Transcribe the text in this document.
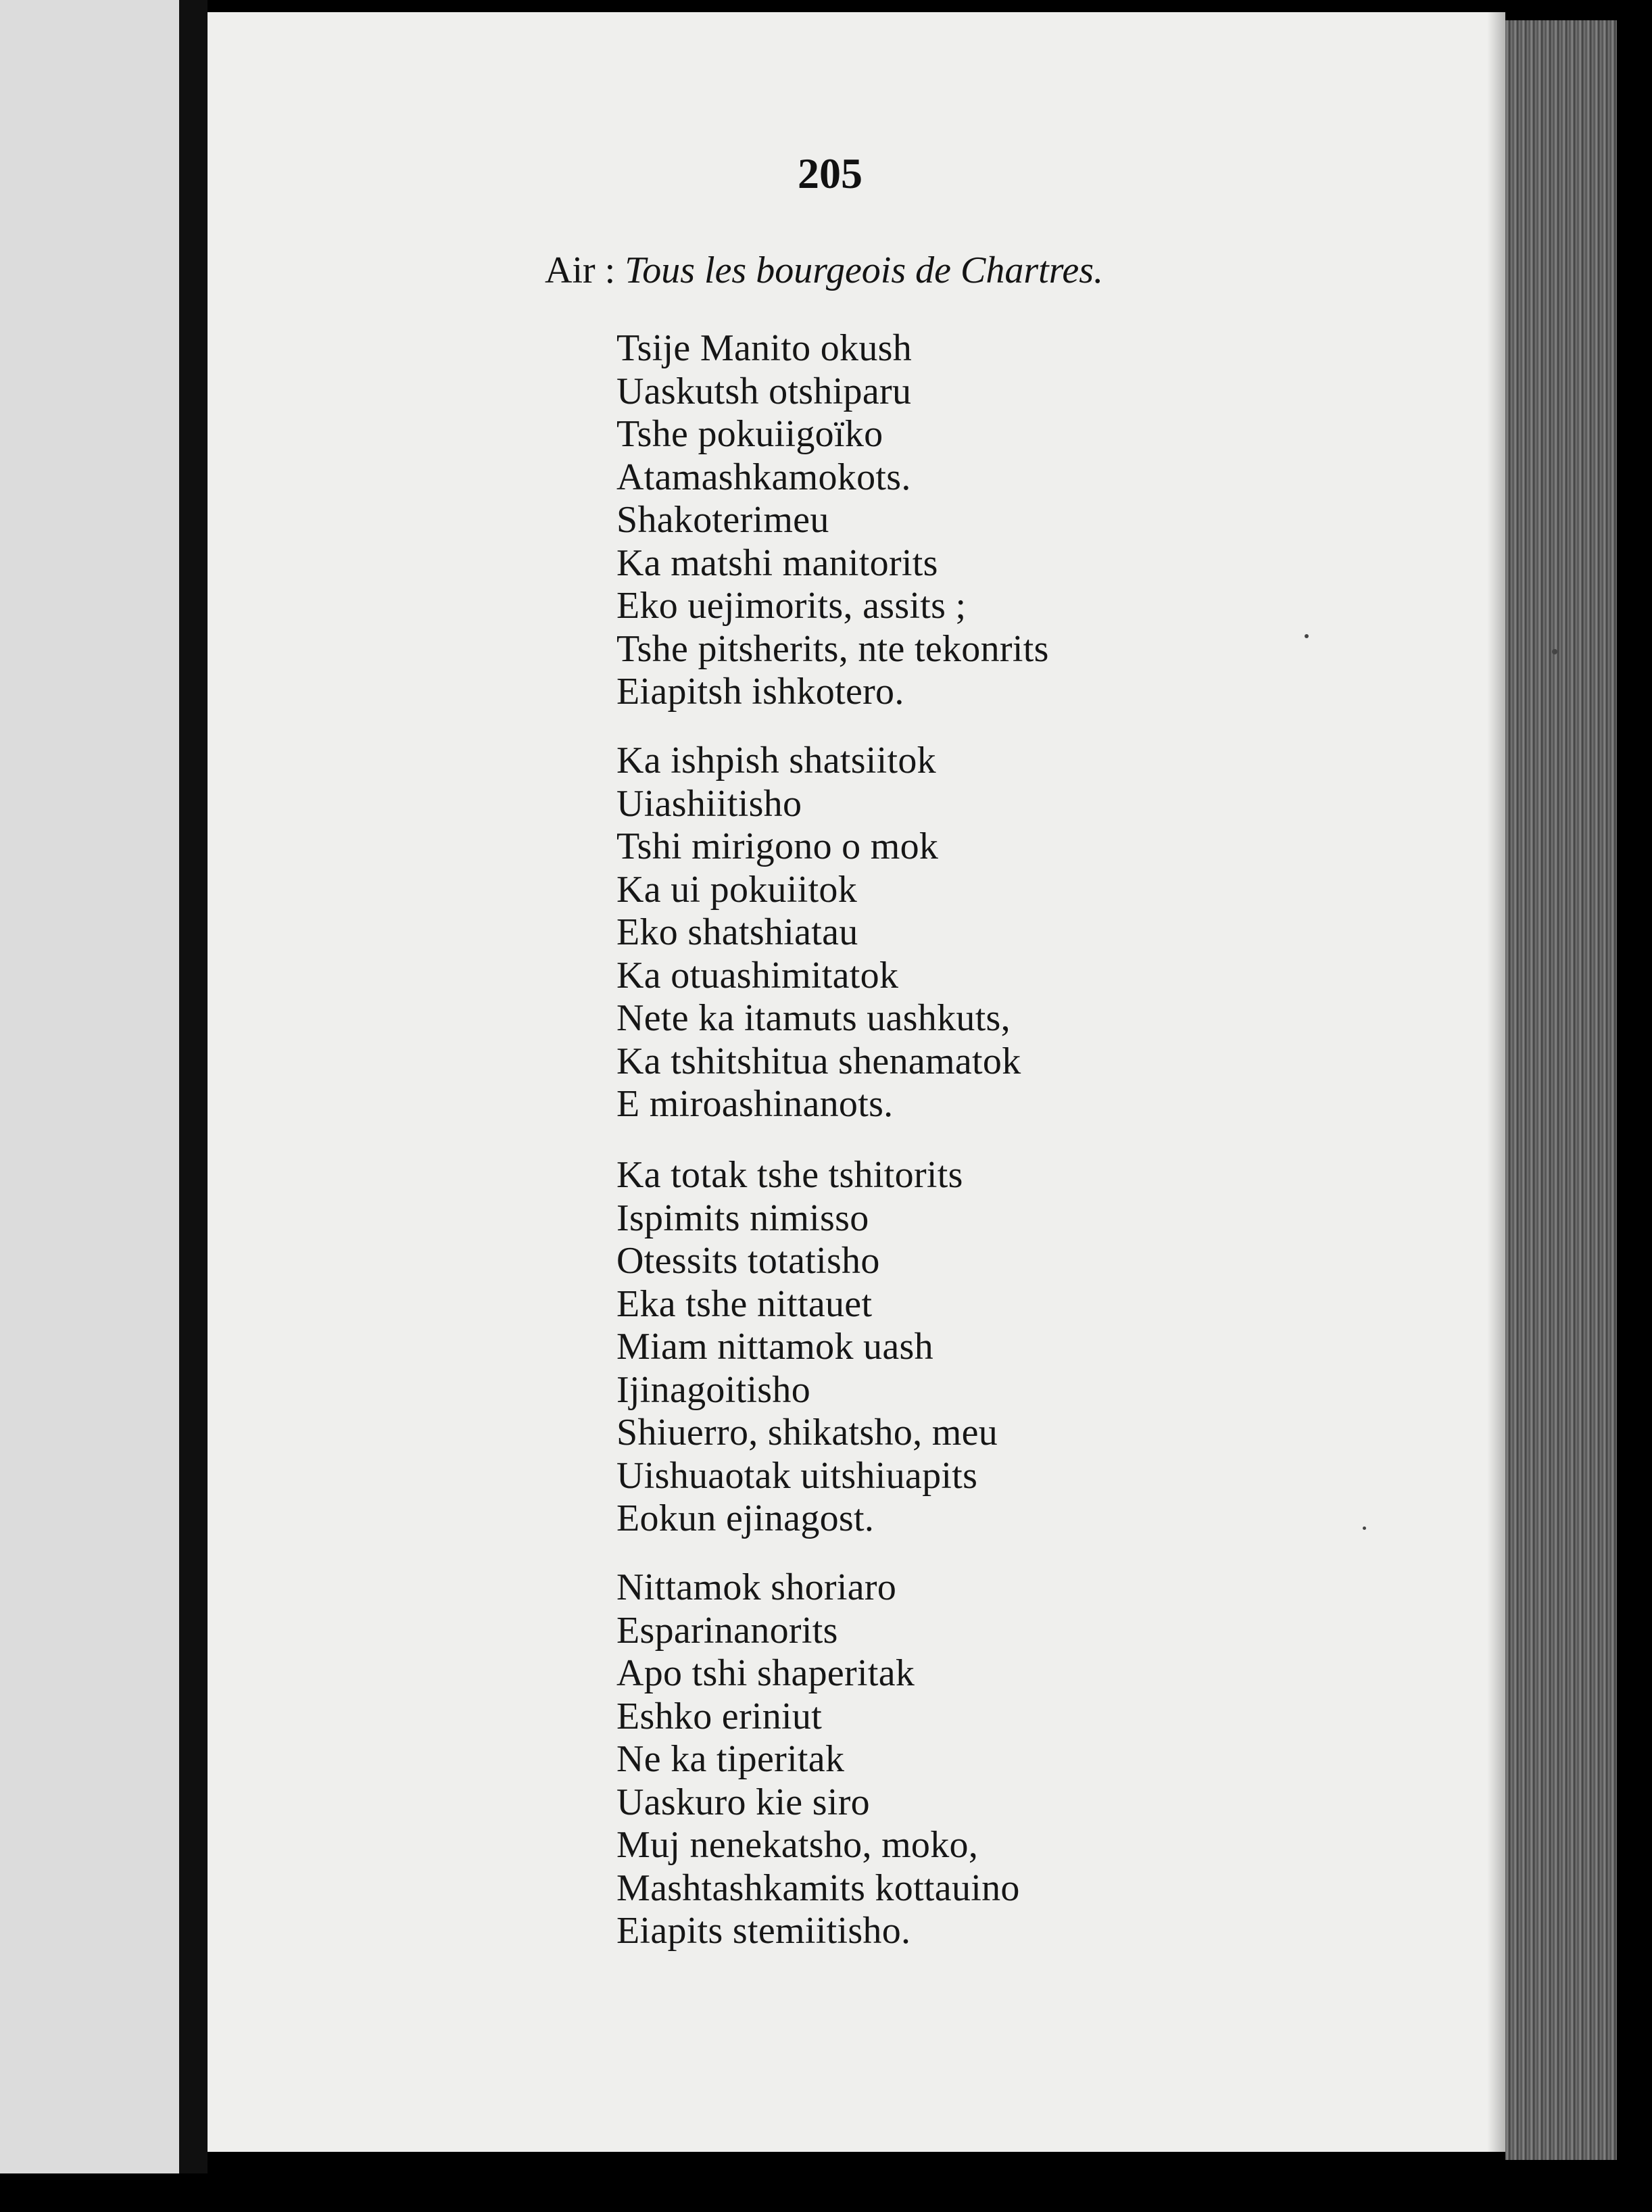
205

Air : Tous les bourgeois de Chartres.
Tsije Manito okush
Uaskutsh otshiparu
Tshe pokuiigoïko
Atamashkamokots.
Shakoterimeu
Ka matshi manitorits
Eko uejimorits, assits ;
Tshe pitsherits, nte tekonrits
Eiapitsh ishkotero.
Ka ishpish shatsiitok
Uiashiitisho
Tshi mirigono o mok
Ka ui pokuiitok
Eko shatshiatau
Ka otuashimitatok
Nete ka itamuts uashkuts,
Ka tshitshitua shenamatok
E miroashinanots.
Ka totak tshe tshitorits
Ispimits nimisso
Otessits totatisho
Eka tshe nittauet
Miam nittamok uash
Ijinagoitisho
Shiuerro, shikatsho, meu
Uishuaotak uitshiuapits
Eokun ejinagost.
Nittamok shoriaro
Esparinanorits
Apo tshi shaperitak
Eshko eriniut
Ne ka tiperitak
Uaskuro kie siro
Muj nenekatsho, moko,
Mashtashkamits kottauino
Eiapits stemiitisho.
